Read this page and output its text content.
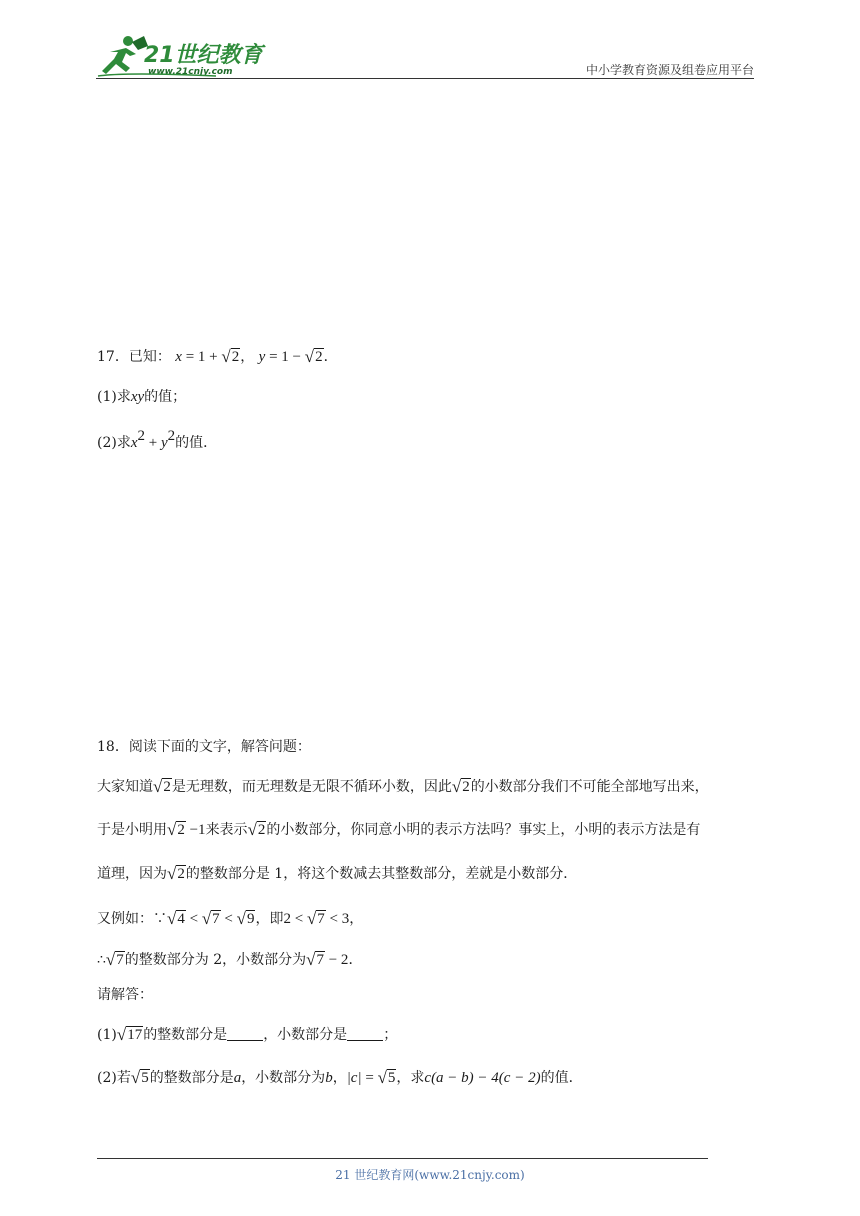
21世纪教育
www.21cnjy.com	中小学教育资源及组卷应用平台
17．已知： x = 1 + √2， y = 1 − √2．
(1)求xy的值；
(2)求$x^2 + y^2$的值．
18．阅读下面的文字，解答问题：
大家知道√2是无理数，而无理数是无限不循环小数，因此√2的小数部分我们不可能全部地写出来，
于是小明用√2 −1来表示√2的小数部分，你同意小明的表示方法吗？事实上，小明的表示方法是有
道理，因为√2的整数部分是 1，将这个数减去其整数部分，差就是小数部分．
又例如：∵√4 < √7 < √9，即2 < √7 < 3，
∴√7的整数部分为 2，小数部分为√7 − 2．
请解答：
(1)√17的整数部分是	，小数部分是	；
(2)若√5的整数部分是a，小数部分为b，|c| = √5，求c(a − b) − 4(c − 2)的值．
21 世纪教育网(www.21cnjy.com)
